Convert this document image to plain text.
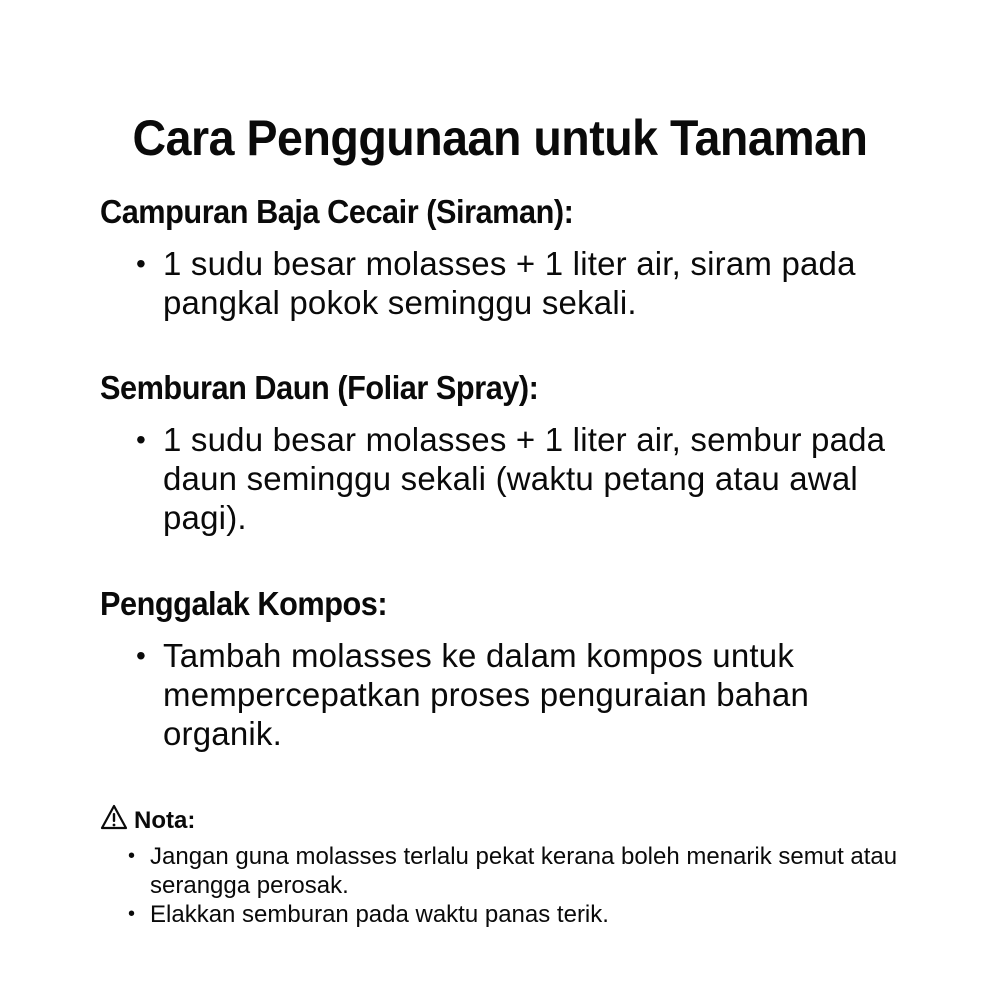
Cara Penggunaan untuk Tanaman
Campuran Baja Cecair (Siraman):
• 1 sudu besar molasses + 1 liter air, siram pada pangkal pokok seminggu sekali.
Semburan Daun (Foliar Spray):
• 1 sudu besar molasses + 1 liter air, sembur pada daun seminggu sekali (waktu petang atau awal pagi).
Penggalak Kompos:
• Tambah molasses ke dalam kompos untuk mempercepatkan proses penguraian bahan organik.
Nota:
• Jangan guna molasses terlalu pekat kerana boleh menarik semut atau serangga perosak.
• Elakkan semburan pada waktu panas terik.
